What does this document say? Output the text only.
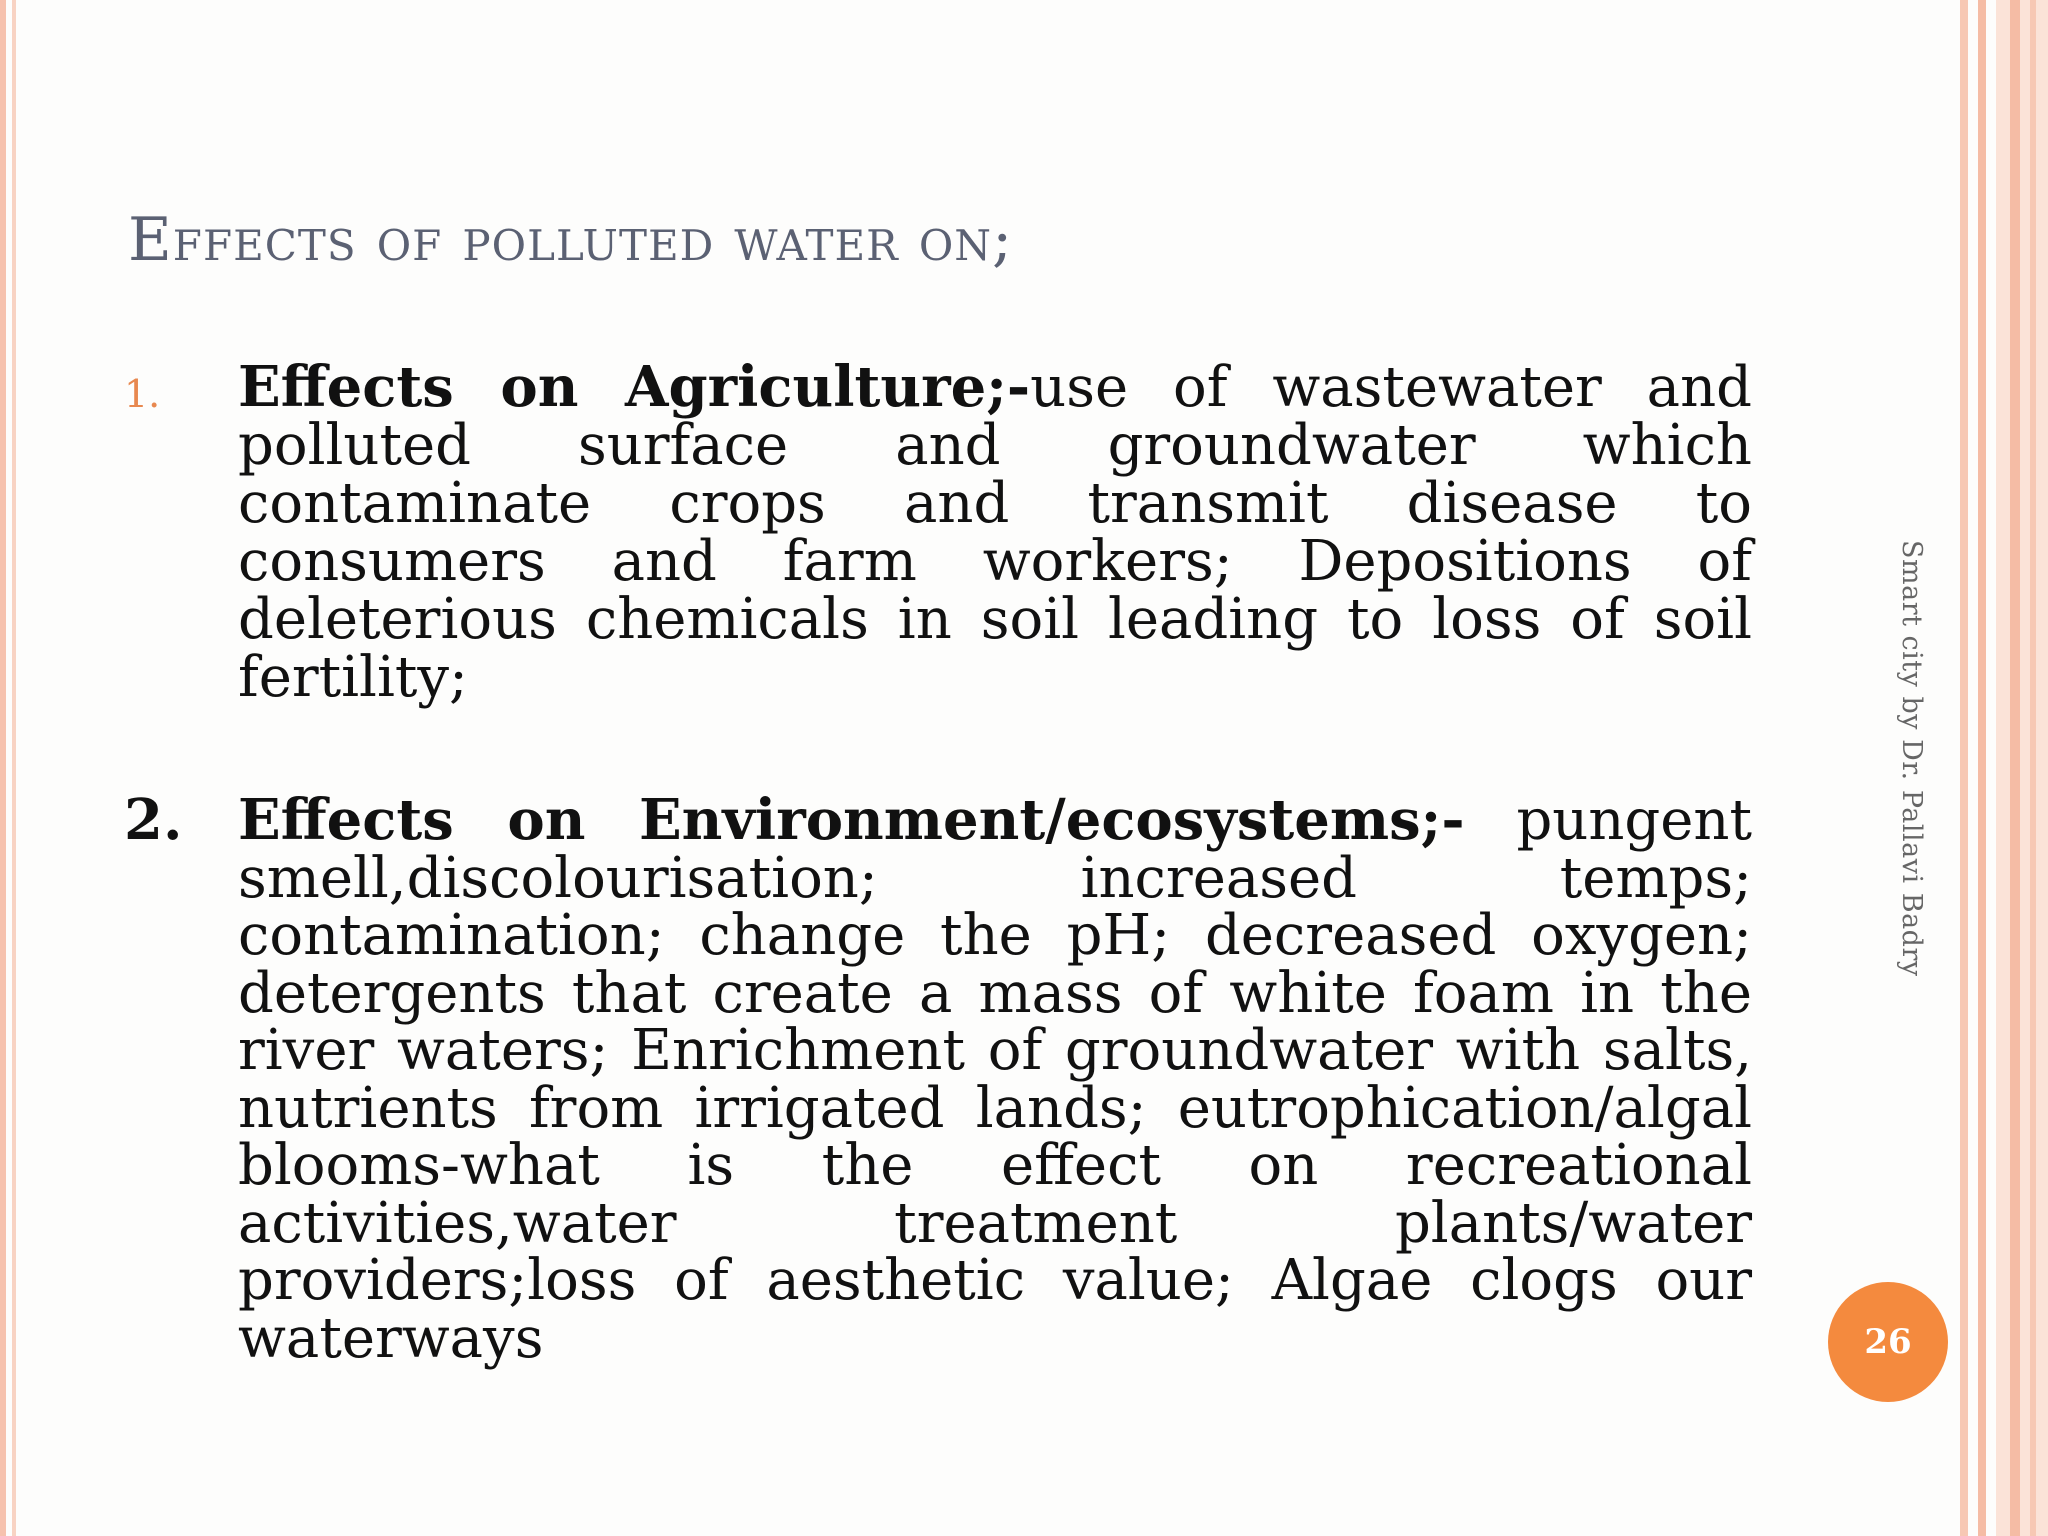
Effects of polluted water on;
1. Effects on Agriculture;-use of wastewater and polluted surface and groundwater which contaminate crops and transmit disease to consumers and farm workers; Depositions of deleterious chemicals in soil leading to loss of soil fertility;
2. Effects on Environment/ecosystems;- pungent smell,discolourisation; increased temps; contamination; change the pH; decreased oxygen; detergents that create a mass of white foam in the river waters; Enrichment of groundwater with salts, nutrients from irrigated lands; eutrophication/algal blooms-what is the effect on recreational activities,water treatment plants/water providers;loss of aesthetic value; Algae clogs our waterways
Smart city by Dr. Pallavi Badry
26
